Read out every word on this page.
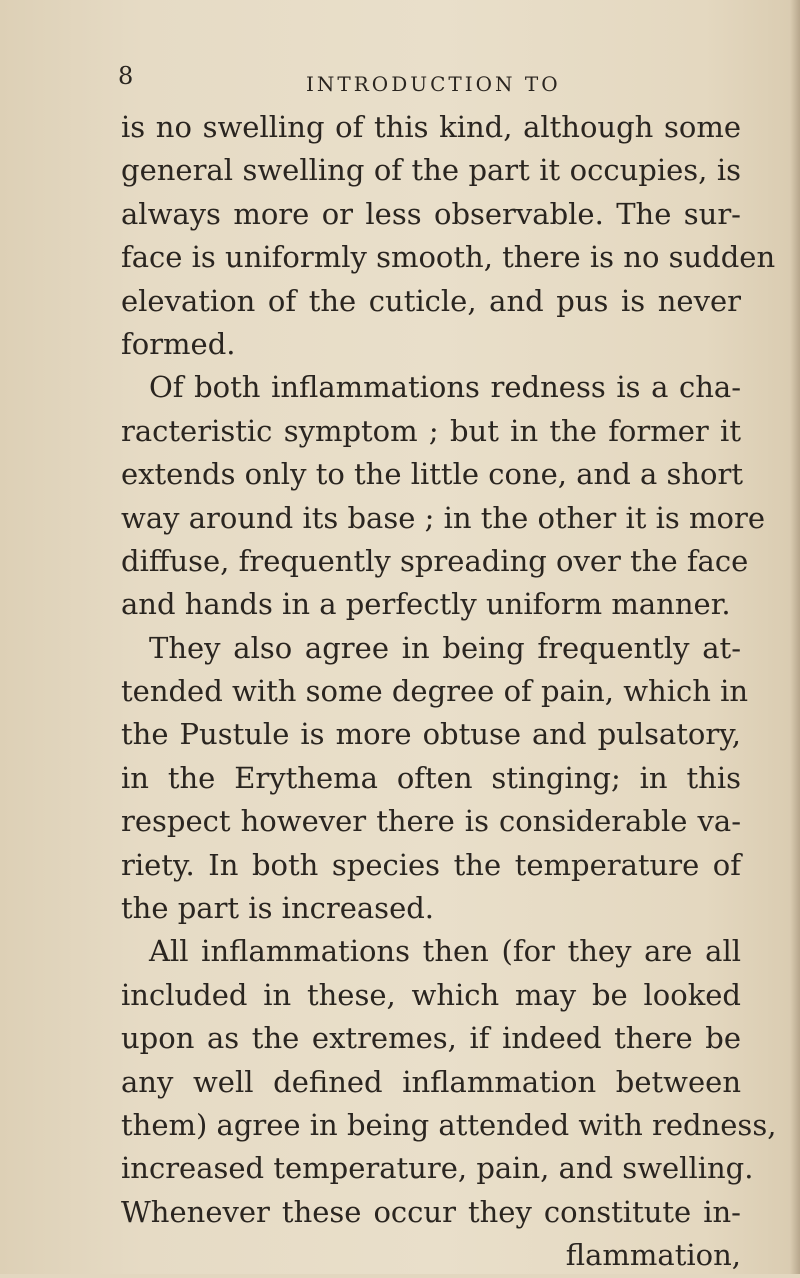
8	INTRODUCTION TO
is no swelling of this kind, although some
general swelling of the part it occupies, is
always more or less observable. The sur-
face is uniformly smooth, there is no sudden
elevation of the cuticle, and pus is never
formed.
Of both inflammations redness is a cha-
racteristic symptom ; but in the former it
extends only to the little cone, and a short
way around its base ; in the other it is more
diffuse, frequently spreading over the face
and hands in a perfectly uniform manner.
They also agree in being frequently at-
tended with some degree of pain, which in
the Pustule is more obtuse and pulsatory,
in the Erythema often stinging; in this
respect however there is considerable va-
riety. In both species the temperature of
the part is increased.
All inflammations then (for they are all
included in these, which may be looked
upon as the extremes, if indeed there be
any well defined inflammation between
them) agree in being attended with redness,
increased temperature, pain, and swelling.
Whenever these occur they constitute in-
flammation,
